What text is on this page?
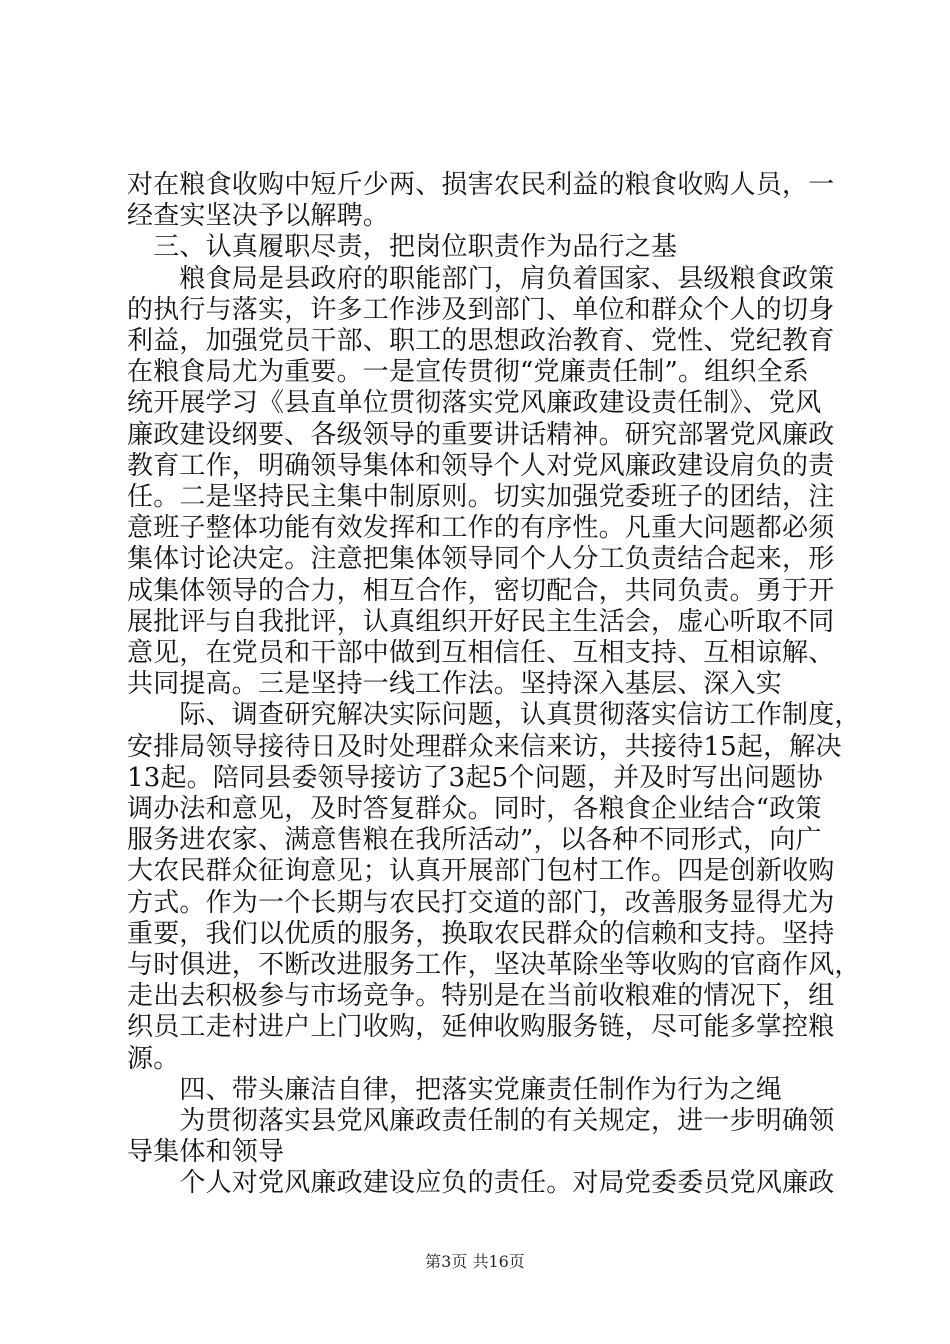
对在粮食收购中短斤少两、损害农民利益的粮食收购人员，一
经查实坚决予以解聘。
　三、认真履职尽责，把岗位职责作为品行之基
　　粮食局是县政府的职能部门，肩负着国家、县级粮食政策
的执行与落实，许多工作涉及到部门、单位和群众个人的切身
利益，加强党员干部、职工的思想政治教育、党性、党纪教育
在粮食局尤为重要。一是宣传贯彻“党廉责任制”。组织全系
统开展学习《县直单位贯彻落实党风廉政建设责任制》、党风
廉政建设纲要、各级领导的重要讲话精神。研究部署党风廉政
教育工作，明确领导集体和领导个人对党风廉政建设肩负的责
任。二是坚持民主集中制原则。切实加强党委班子的团结，注
意班子整体功能有效发挥和工作的有序性。凡重大问题都必须
集体讨论决定。注意把集体领导同个人分工负责结合起来，形
成集体领导的合力，相互合作，密切配合，共同负责。勇于开
展批评与自我批评，认真组织开好民主生活会，虚心听取不同
意见，在党员和干部中做到互相信任、互相支持、互相谅解、
共同提高。三是坚持一线工作法。坚持深入基层、深入实
　　际、调查研究解决实际问题，认真贯彻落实信访工作制度，
安排局领导接待日及时处理群众来信来访，共接待15起，解决
13起。陪同县委领导接访了3起5个问题，并及时写出问题协
调办法和意见，及时答复群众。同时，各粮食企业结合“政策
服务进农家、满意售粮在我所活动”，以各种不同形式，向广
大农民群众征询意见；认真开展部门包村工作。四是创新收购
方式。作为一个长期与农民打交道的部门，改善服务显得尤为
重要，我们以优质的服务，换取农民群众的信赖和支持。坚持
与时俱进，不断改进服务工作，坚决革除坐等收购的官商作风，
走出去积极参与市场竞争。特别是在当前收粮难的情况下，组
织员工走村进户上门收购，延伸收购服务链，尽可能多掌控粮
源。
　　四、带头廉洁自律，把落实党廉责任制作为行为之绳
　　为贯彻落实县党风廉政责任制的有关规定，进一步明确领
导集体和领导
　　个人对党风廉政建设应负的责任。对局党委委员党风廉政
第3页 共16页
